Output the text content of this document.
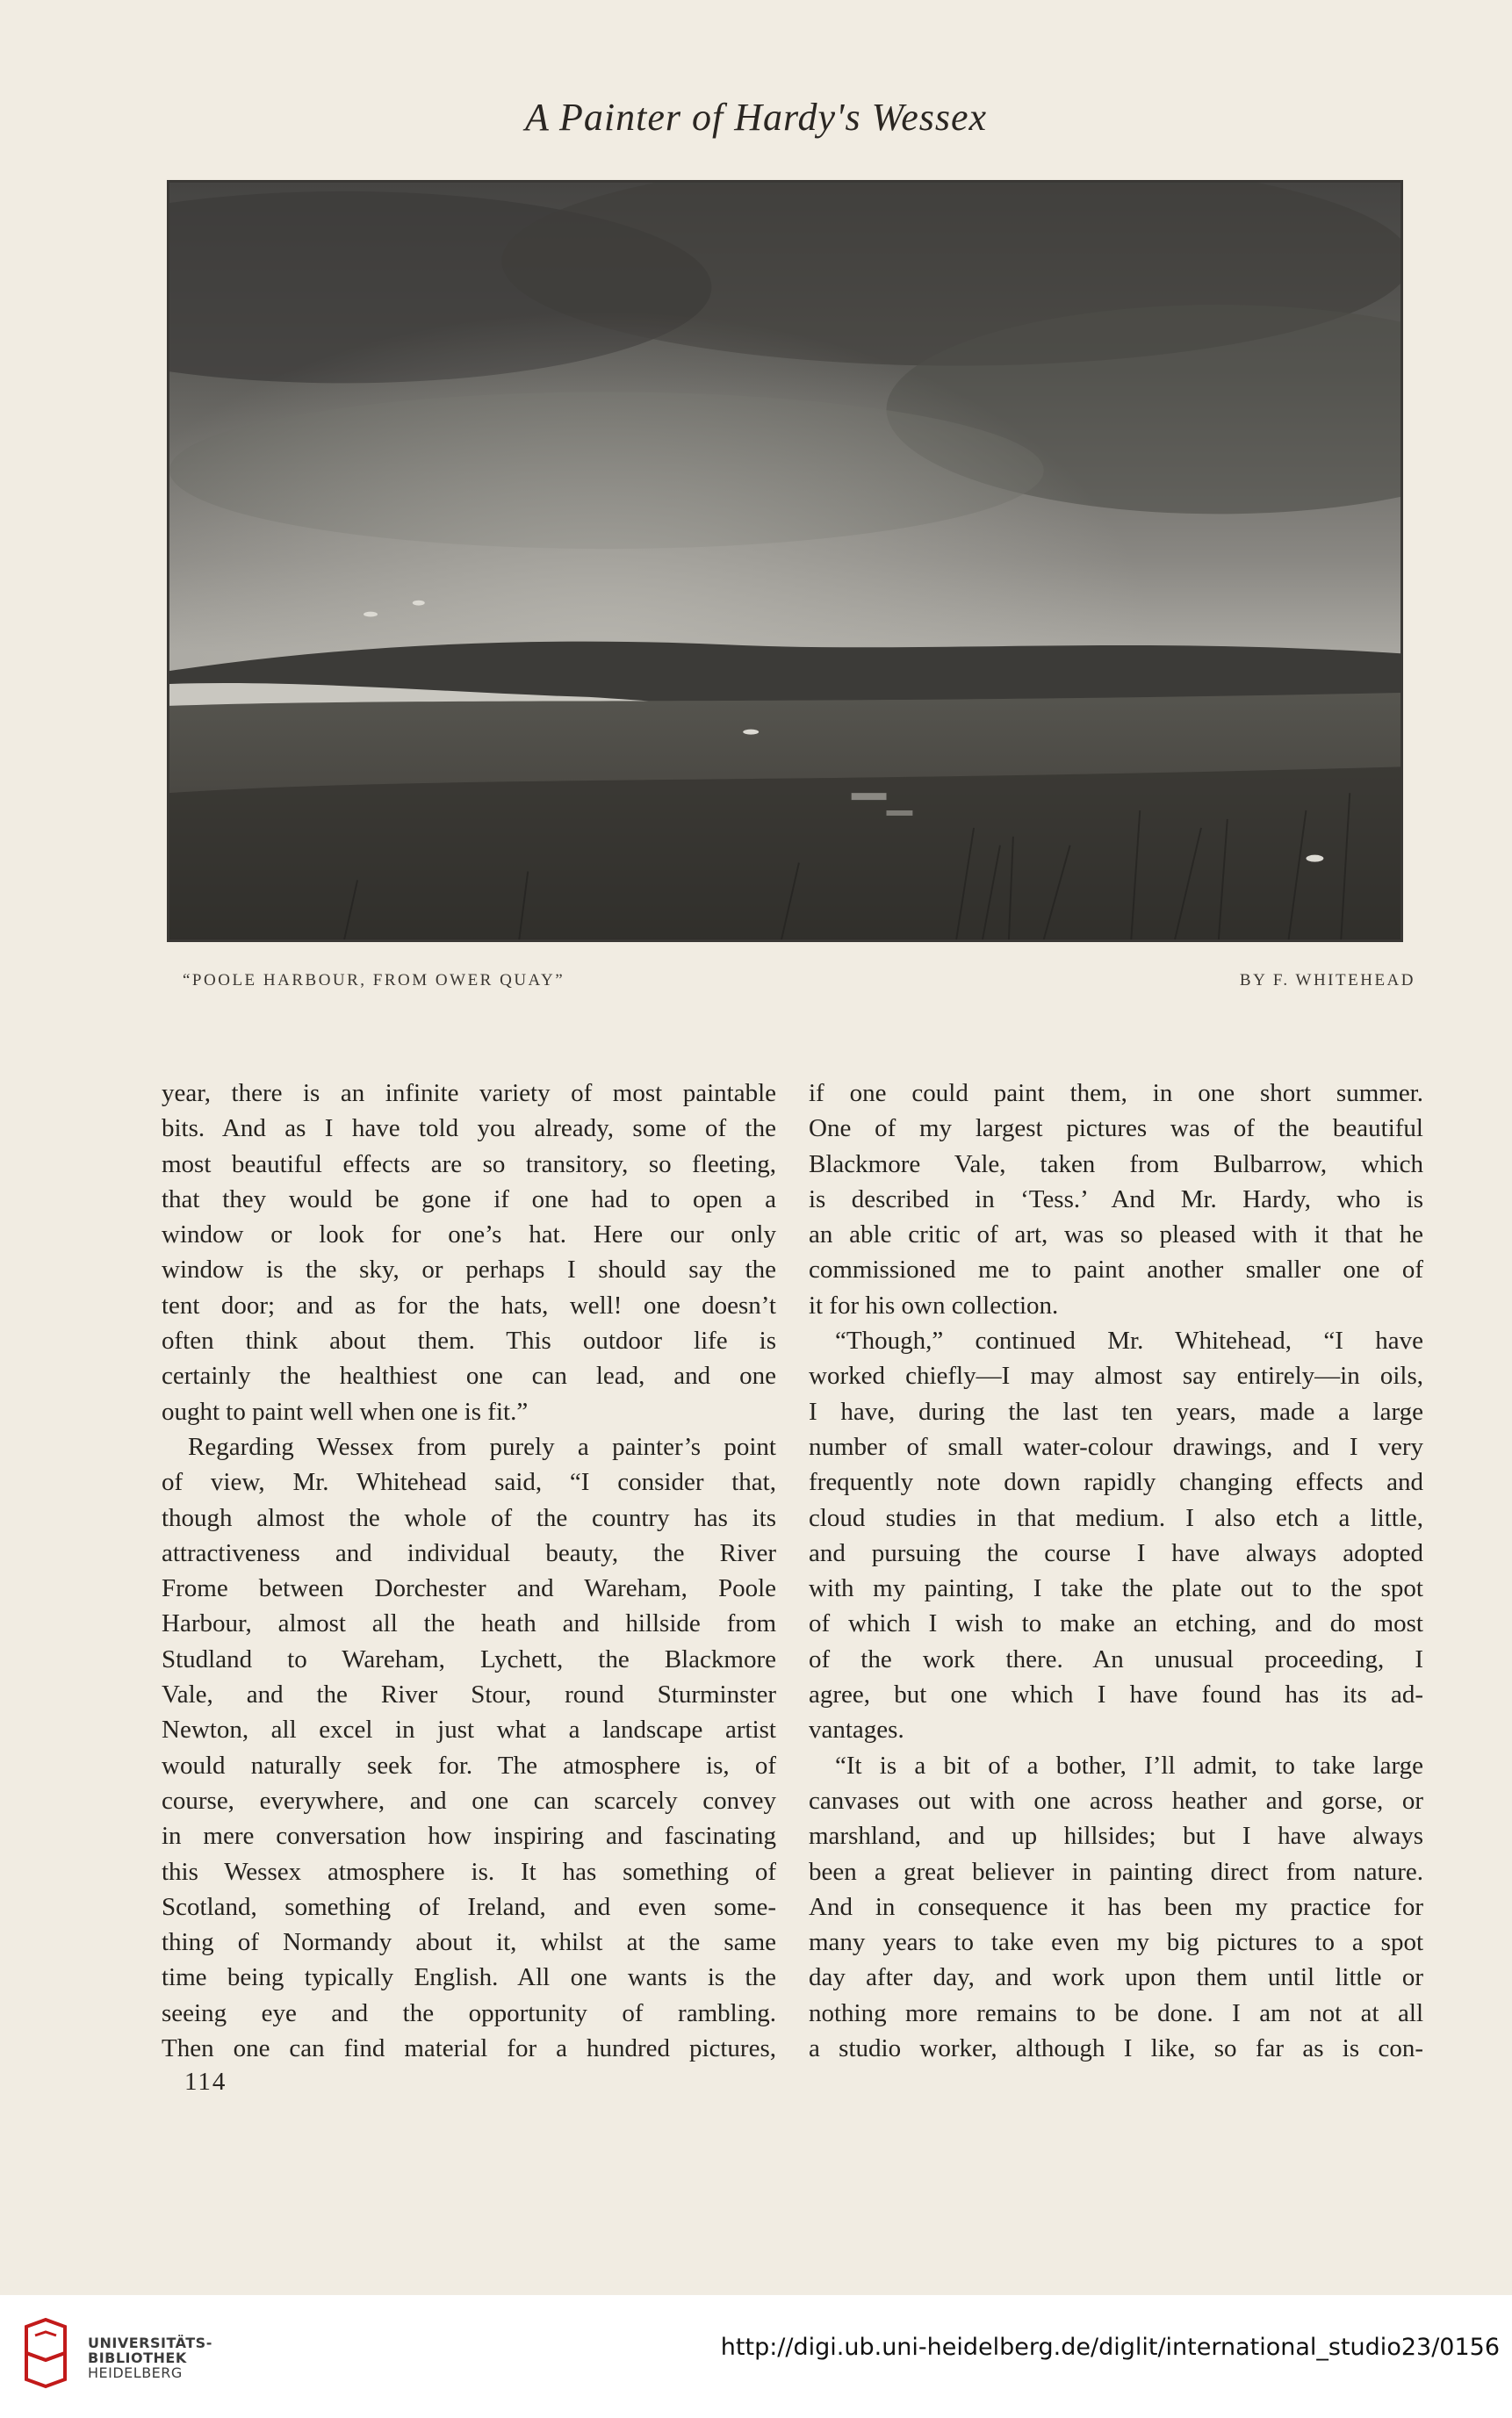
A Painter of Hardy's Wessex
“POOLE HARBOUR, FROM OWER QUAY”	BY F. WHITEHEAD
year, there is an infinite variety of most paintable
bits. And as I have told you already, some of the
most beautiful effects are so transitory, so fleeting,
that they would be gone if one had to open a
window or look for one’s hat. Here our only
window is the sky, or perhaps I should say the
tent door; and as for the hats, well! one doesn’t
often think about them. This outdoor life is
certainly the healthiest one can lead, and one
ought to paint well when one is fit.”
Regarding Wessex from purely a painter’s point
of view, Mr. Whitehead said, “I consider that,
though almost the whole of the country has its
attractiveness and individual beauty, the River
Frome between Dorchester and Wareham, Poole
Harbour, almost all the heath and hillside from
Studland to Wareham, Lychett, the Blackmore
Vale, and the River Stour, round Sturminster
Newton, all excel in just what a landscape artist
would naturally seek for. The atmosphere is, of
course, everywhere, and one can scarcely convey
in mere conversation how inspiring and fascinating
this Wessex atmosphere is. It has something of
Scotland, something of Ireland, and even some-
thing of Normandy about it, whilst at the same
time being typically English. All one wants is the
seeing eye and the opportunity of rambling.
Then one can find material for a hundred pictures,
if one could paint them, in one short summer.
One of my largest pictures was of the beautiful
Blackmore Vale, taken from Bulbarrow, which
is described in ‘Tess.’ And Mr. Hardy, who is
an able critic of art, was so pleased with it that he
commissioned me to paint another smaller one of
it for his own collection.
“Though,” continued Mr. Whitehead, “I have
worked chiefly—I may almost say entirely—in oils,
I have, during the last ten years, made a large
number of small water-colour drawings, and I very
frequently note down rapidly changing effects and
cloud studies in that medium. I also etch a little,
and pursuing the course I have always adopted
with my painting, I take the plate out to the spot
of which I wish to make an etching, and do most
of the work there. An unusual proceeding, I
agree, but one which I have found has its ad-
vantages.
“It is a bit of a bother, I’ll admit, to take large
canvases out with one across heather and gorse, or
marshland, and up hillsides; but I have always
been a great believer in painting direct from nature.
And in consequence it has been my practice for
many years to take even my big pictures to a spot
day after day, and work upon them until little or
nothing more remains to be done. I am not at all
a studio worker, although I like, so far as is con-
114
UNIVERSITÄTS-
BIBLIOTHEK
HEIDELBERG
http://digi.ub.uni-heidelberg.de/diglit/international_studio23/0156
